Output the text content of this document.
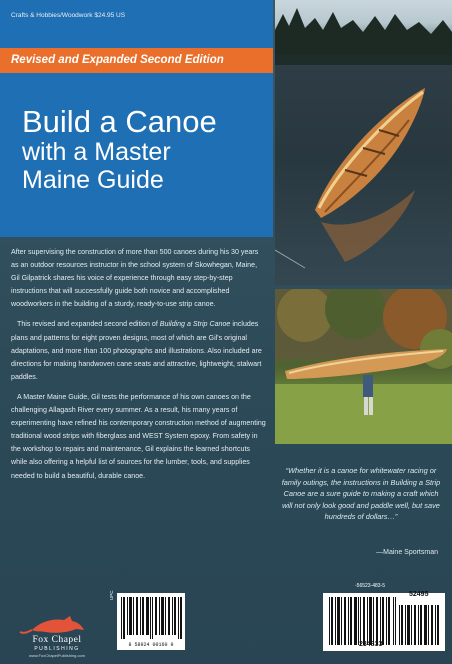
Crafts & Hobbies/Woodwork $24.95 US
Revised and Expanded Second Edition
Build a Canoe
with a Master
Maine Guide

After supervising the construction of more than 500 canoes during his 30 years as an outdoor resources instructor in the school system of Skowhegan, Maine, Gil Gilpatrick shares his voice of experience through easy step-by-step instructions that will successfully guide both novice and accomplished woodworkers in the building of a sturdy, ready-to-use strip canoe.

This revised and expanded second edition of Building a Strip Canoe includes plans and patterns for eight proven designs, most of which are Gil's original adaptations, and more than 100 photographs and illustrations. Also included are directions for making handwoven cane seats and attractive, lightweight, stalwart paddles.

A Master Maine Guide, Gil tests the performance of his own canoes on the challenging Allagash River every summer. As a result, his many years of experimenting have refined his contemporary construction method of augmenting traditional wood strips with fiberglass and WEST System epoxy. From safety in the workshop to repairs and maintenance, Gil explains the learned shortcuts while also offering a helpful list of sources for the lumber, tools, and supplies needed to build a beautiful, durable canoe.

“Whether it is a canoe for whitewater racing or family outings, the instructions in Building a Strip Canoe are a sure guide to making a craft which will not only look good and paddle well, but save hundreds of dollars…”
—Maine Sportsman
Fox Chapel
PUBLISHING
www.FoxChapelPublishing.com
UPC
8 58924 00160 9
-56523-483-5
52495
234833
